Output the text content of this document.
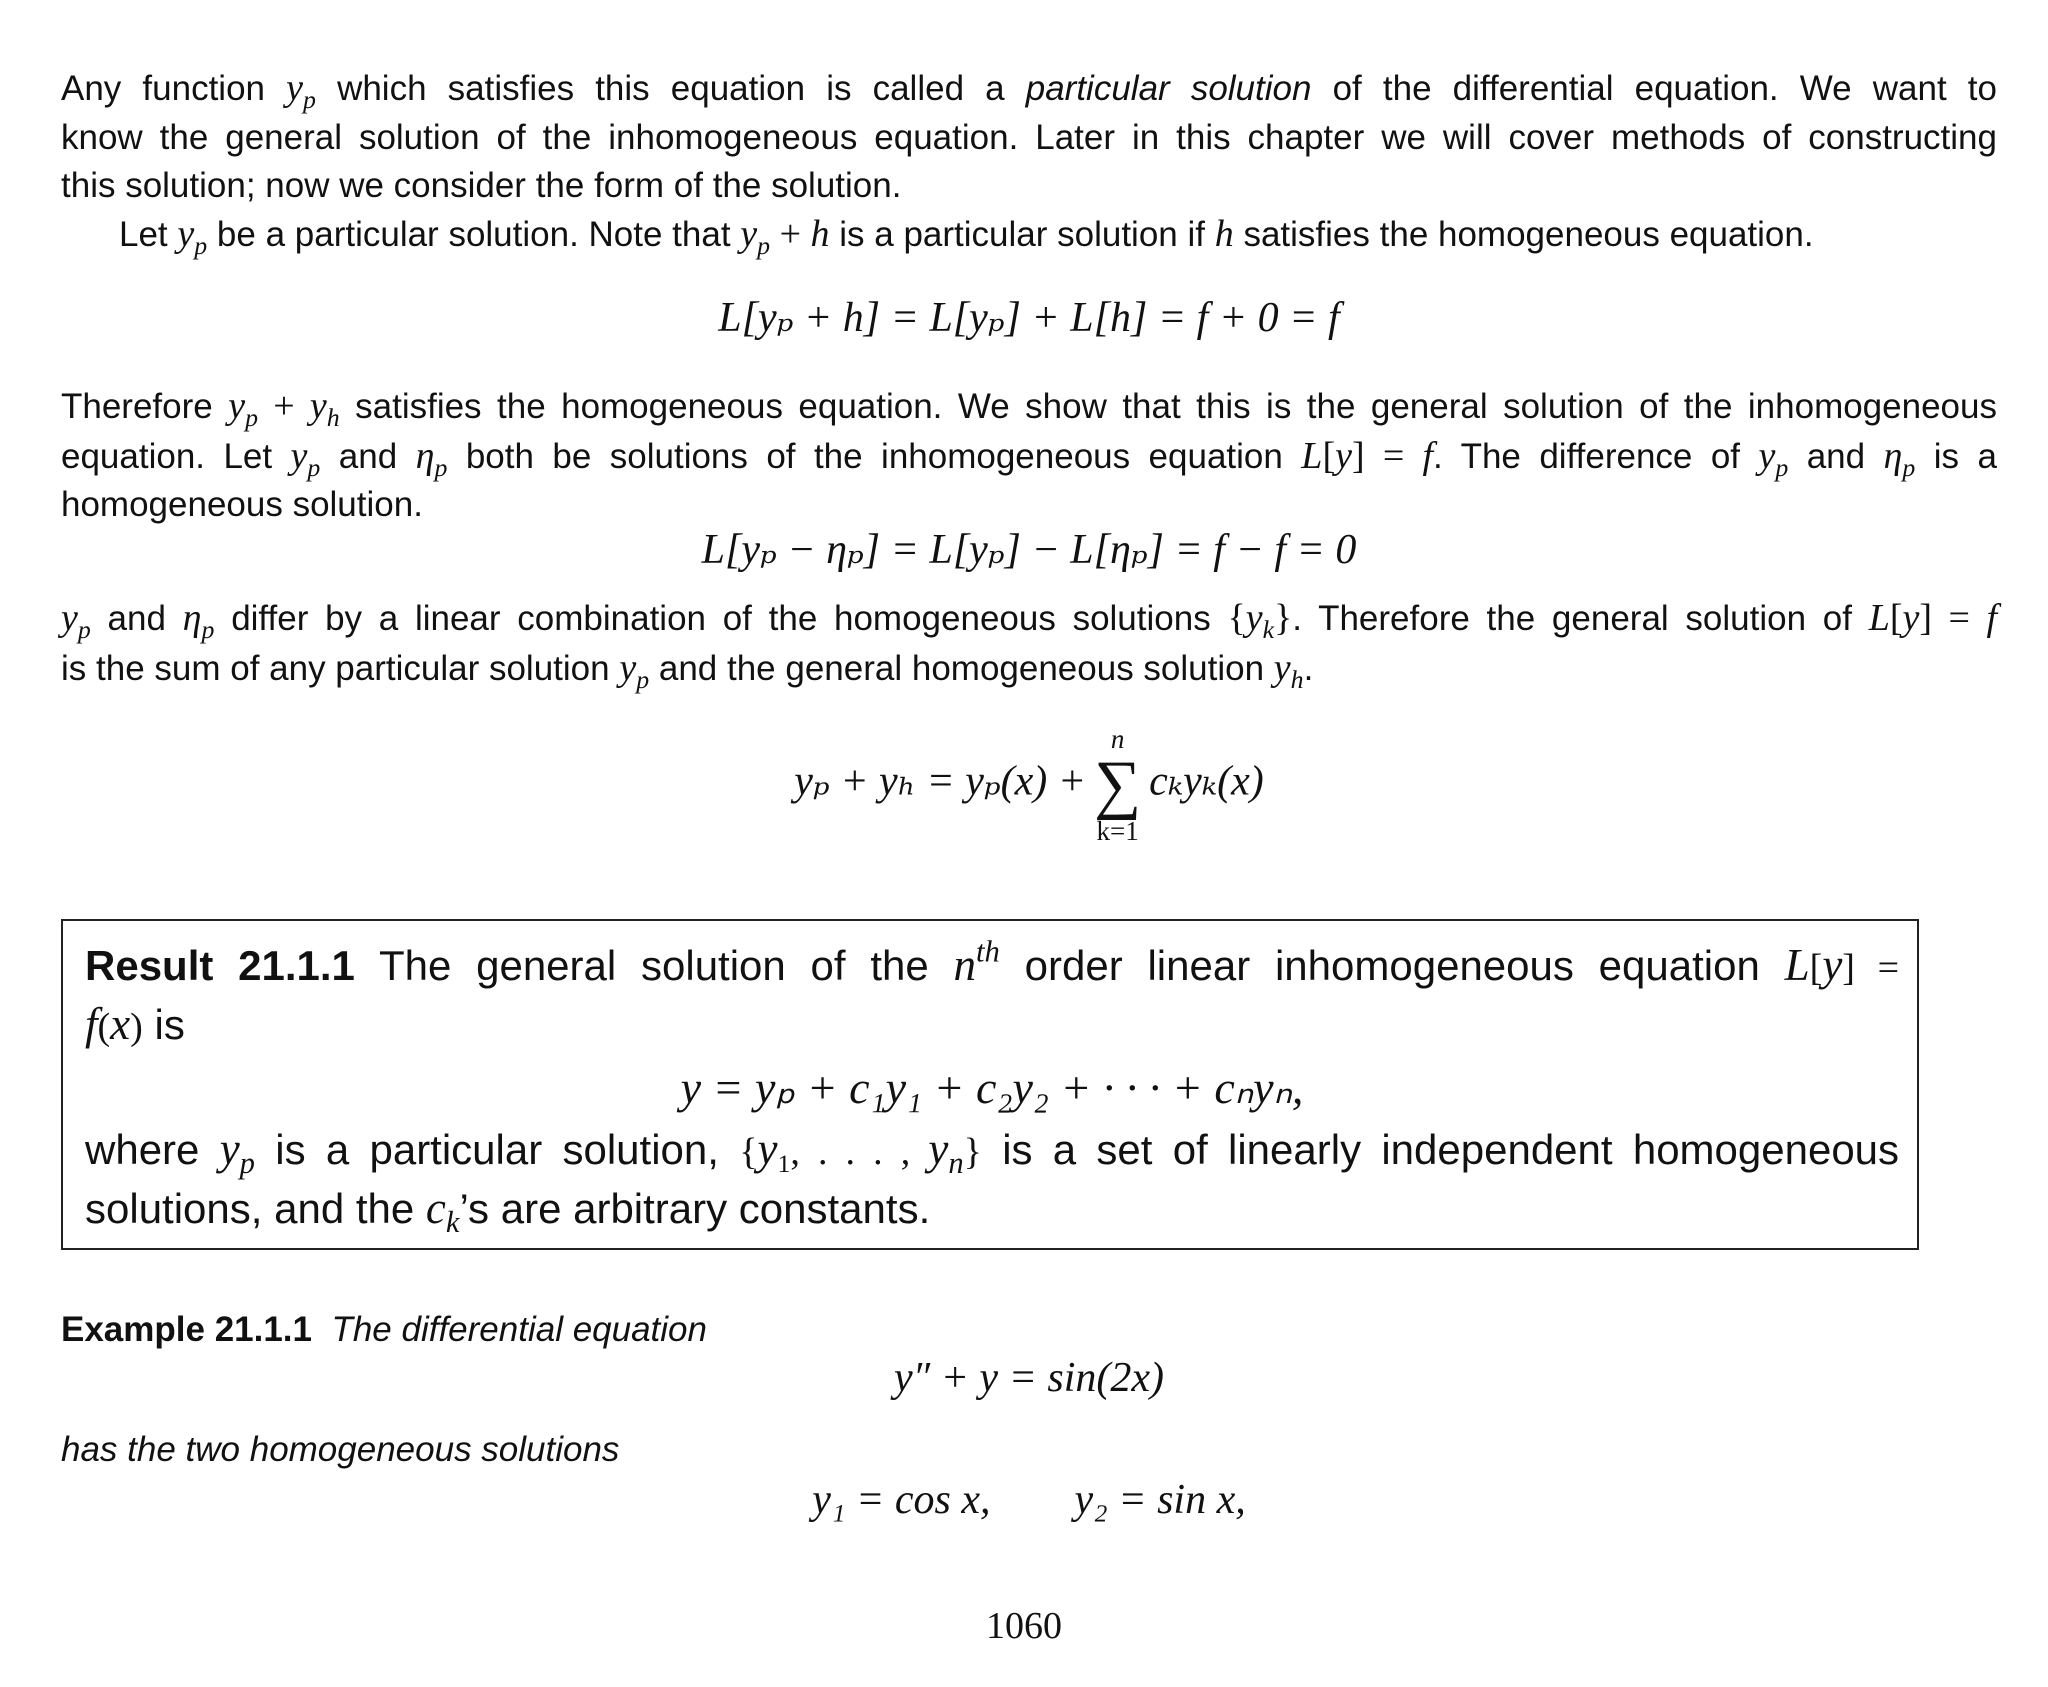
Any function $y_p$ which satisfies this equation is called a particular solution of the differential equation. We want to
know the general solution of the inhomogeneous equation. Later in this chapter we will cover methods of constructing
this solution; now we consider the form of the solution.

Let $y_p$ be a particular solution. Note that $y_p + h$ is a particular solution if h satisfies the homogeneous equation.

L[yₚ + h] = L[yₚ] + L[h] = f + 0 = f

Therefore $y_p + y_h$ satisfies the homogeneous equation. We show that this is the general solution of the inhomogeneous
equation. Let $y_p$ and $\eta_p$ both be solutions of the inhomogeneous equation L[y] = f. The difference of $y_p$ and $\eta_p$ is a
homogeneous solution.

L[yₚ − ηₚ] = L[yₚ] − L[ηₚ] = f − f = 0

$y_p$ and $\eta_p$ differ by a linear combination of the homogeneous solutions $\{y_k\}$. Therefore the general solution of L[y] = f
is the sum of any particular solution $y_p$ and the general homogeneous solution $y_h$.

yₚ + yₕ = yₚ(x) +
n
∑
k=1
cₖyₖ(x)
Result 21.1.1 The general solution of the $n^{th}$ order linear inhomogeneous equation L[y] =
f(x) is
y = yₚ + c₁y₁ + c₂y₂ + · · · + cₙyₙ,
where $y_p$ is a particular solution, {$y_1$, . . . , $y_n$} is a set of linearly independent homogeneous
solutions, and the $c_k’s$ are arbitrary constants.
Example 21.1.1 The differential equation
y″ + y = sin(2x)
has the two homogeneous solutions
y₁ = cos x,        y₂ = sin x,
1060
